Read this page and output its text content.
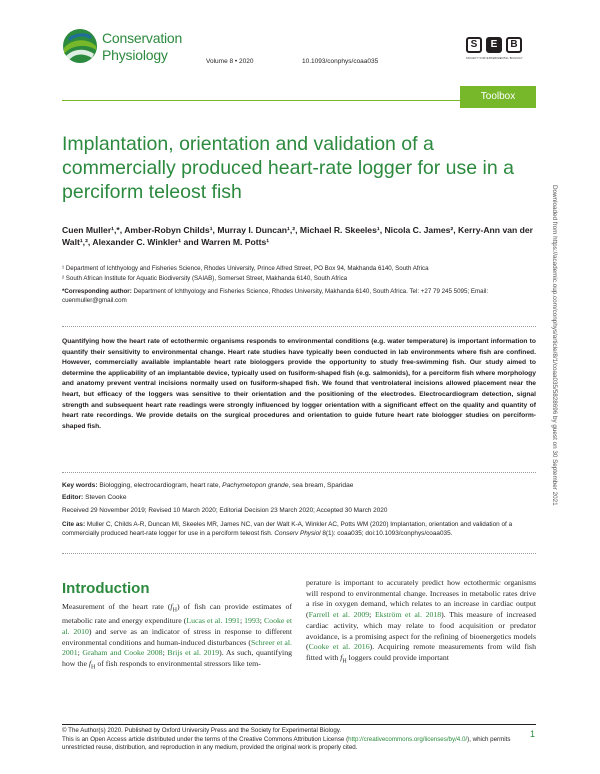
Conservation
Physiology	Volume 8 • 2020	10.1093/conphys/coaa035
S	E	B
SOCIETY FOR EXPERIMENTAL BIOLOGY
Toolbox
Implantation, orientation and validation of a commercially produced heart-rate logger for use in a perciform teleost fish
Cuen Muller¹,*, Amber-Robyn Childs¹, Murray I. Duncan¹,², Michael R. Skeeles¹, Nicola C. James², Kerry-Ann van der Walt¹,², Alexander C. Winkler¹ and Warren M. Potts¹

¹ Department of Ichthyology and Fisheries Science, Rhodes University, Prince Alfred Street, PO Box 94, Makhanda 6140, South Africa

² South African Institute for Aquatic Biodiversity (SAIAB), Somerset Street, Makhanda 6140, South Africa

*Corresponding author: Department of Ichthyology and Fisheries Science, Rhodes University, Makhanda 6140, South Africa. Tel: +27 79 245 5095; Email: cuenmuller@gmail.com

Quantifying how the heart rate of ectothermic organisms responds to environmental conditions (e.g. water temperature) is important information to quantify their sensitivity to environmental change. Heart rate studies have typically been conducted in lab environments where fish are confined. However, commercially available implantable heart rate biologgers provide the opportunity to study free-swimming fish. Our study aimed to determine the applicability of an implantable device, typically used on fusiform-shaped fish (e.g. salmonids), for a perciform fish where morphology and anatomy prevent ventral incisions normally used on fusiform-shaped fish. We found that ventrolateral incisions allowed placement near the heart, but efficacy of the loggers was sensitive to their orientation and the positioning of the electrodes. Electrocardiogram detection, signal strength and subsequent heart rate readings were strongly influenced by logger orientation with a significant effect on the quality and quantity of heart rate recordings. We provide details on the surgical procedures and orientation to guide future heart rate biologger studies on perciform-shaped fish.

Key words: Biologging, electrocardiogram, heart rate, Pachymetopon grande, sea bream, Sparidae
Editor: Steven Cooke
Received 29 November 2019; Revised 10 March 2020; Editorial Decision 23 March 2020; Accepted 30 March 2020
Cite as: Muller C, Childs A-R, Duncan MI, Skeeles MR, James NC, van der Walt K-A, Winkler AC, Potts WM (2020) Implantation, orientation and validation of a commercially produced heart-rate logger for use in a perciform teleost fish. Conserv Physiol 8(1): coaa035; doi:10.1093/conphys/coaa035.
Introduction
Measurement of the heart rate $(f_H)$ of fish can provide estimates of metabolic rate and energy expenditure (Lucas et al. 1991; 1993; Cooke et al. 2010) and serve as an indicator of stress in response to different environmental conditions and human-induced disturbances (Schreer et al. 2001; Graham and Cooke 2008; Brijs et al. 2019). As such, quantifying how the $f_H$ of fish responds to environmental stressors like tem-
perature is important to accurately predict how ectothermic organisms will respond to environmental change. Increases in metabolic rates drive a rise in oxygen demand, which relates to an increase in cardiac output (Farrell et al. 2009; Ekström et al. 2018). This measure of increased cardiac activity, which may relate to food acquisition or predator avoidance, is a promising aspect for the refining of bioenergetics models (Cooke et al. 2016). Acquiring remote measurements from wild fish fitted with $f_H$ loggers could provide important
© The Author(s) 2020. Published by Oxford University Press and the Society for Experimental Biology.
This is an Open Access article distributed under the terms of the Creative Commons Attribution License (http://creativecommons.org/licenses/by/4.0/), which permits unrestricted reuse, distribution, and reproduction in any medium, provided the original work is properly cited.
1
Downloaded from https://academic.oup.com/conphys/article/8/1/coaa035/5828696 by guest on 30 September 2021
